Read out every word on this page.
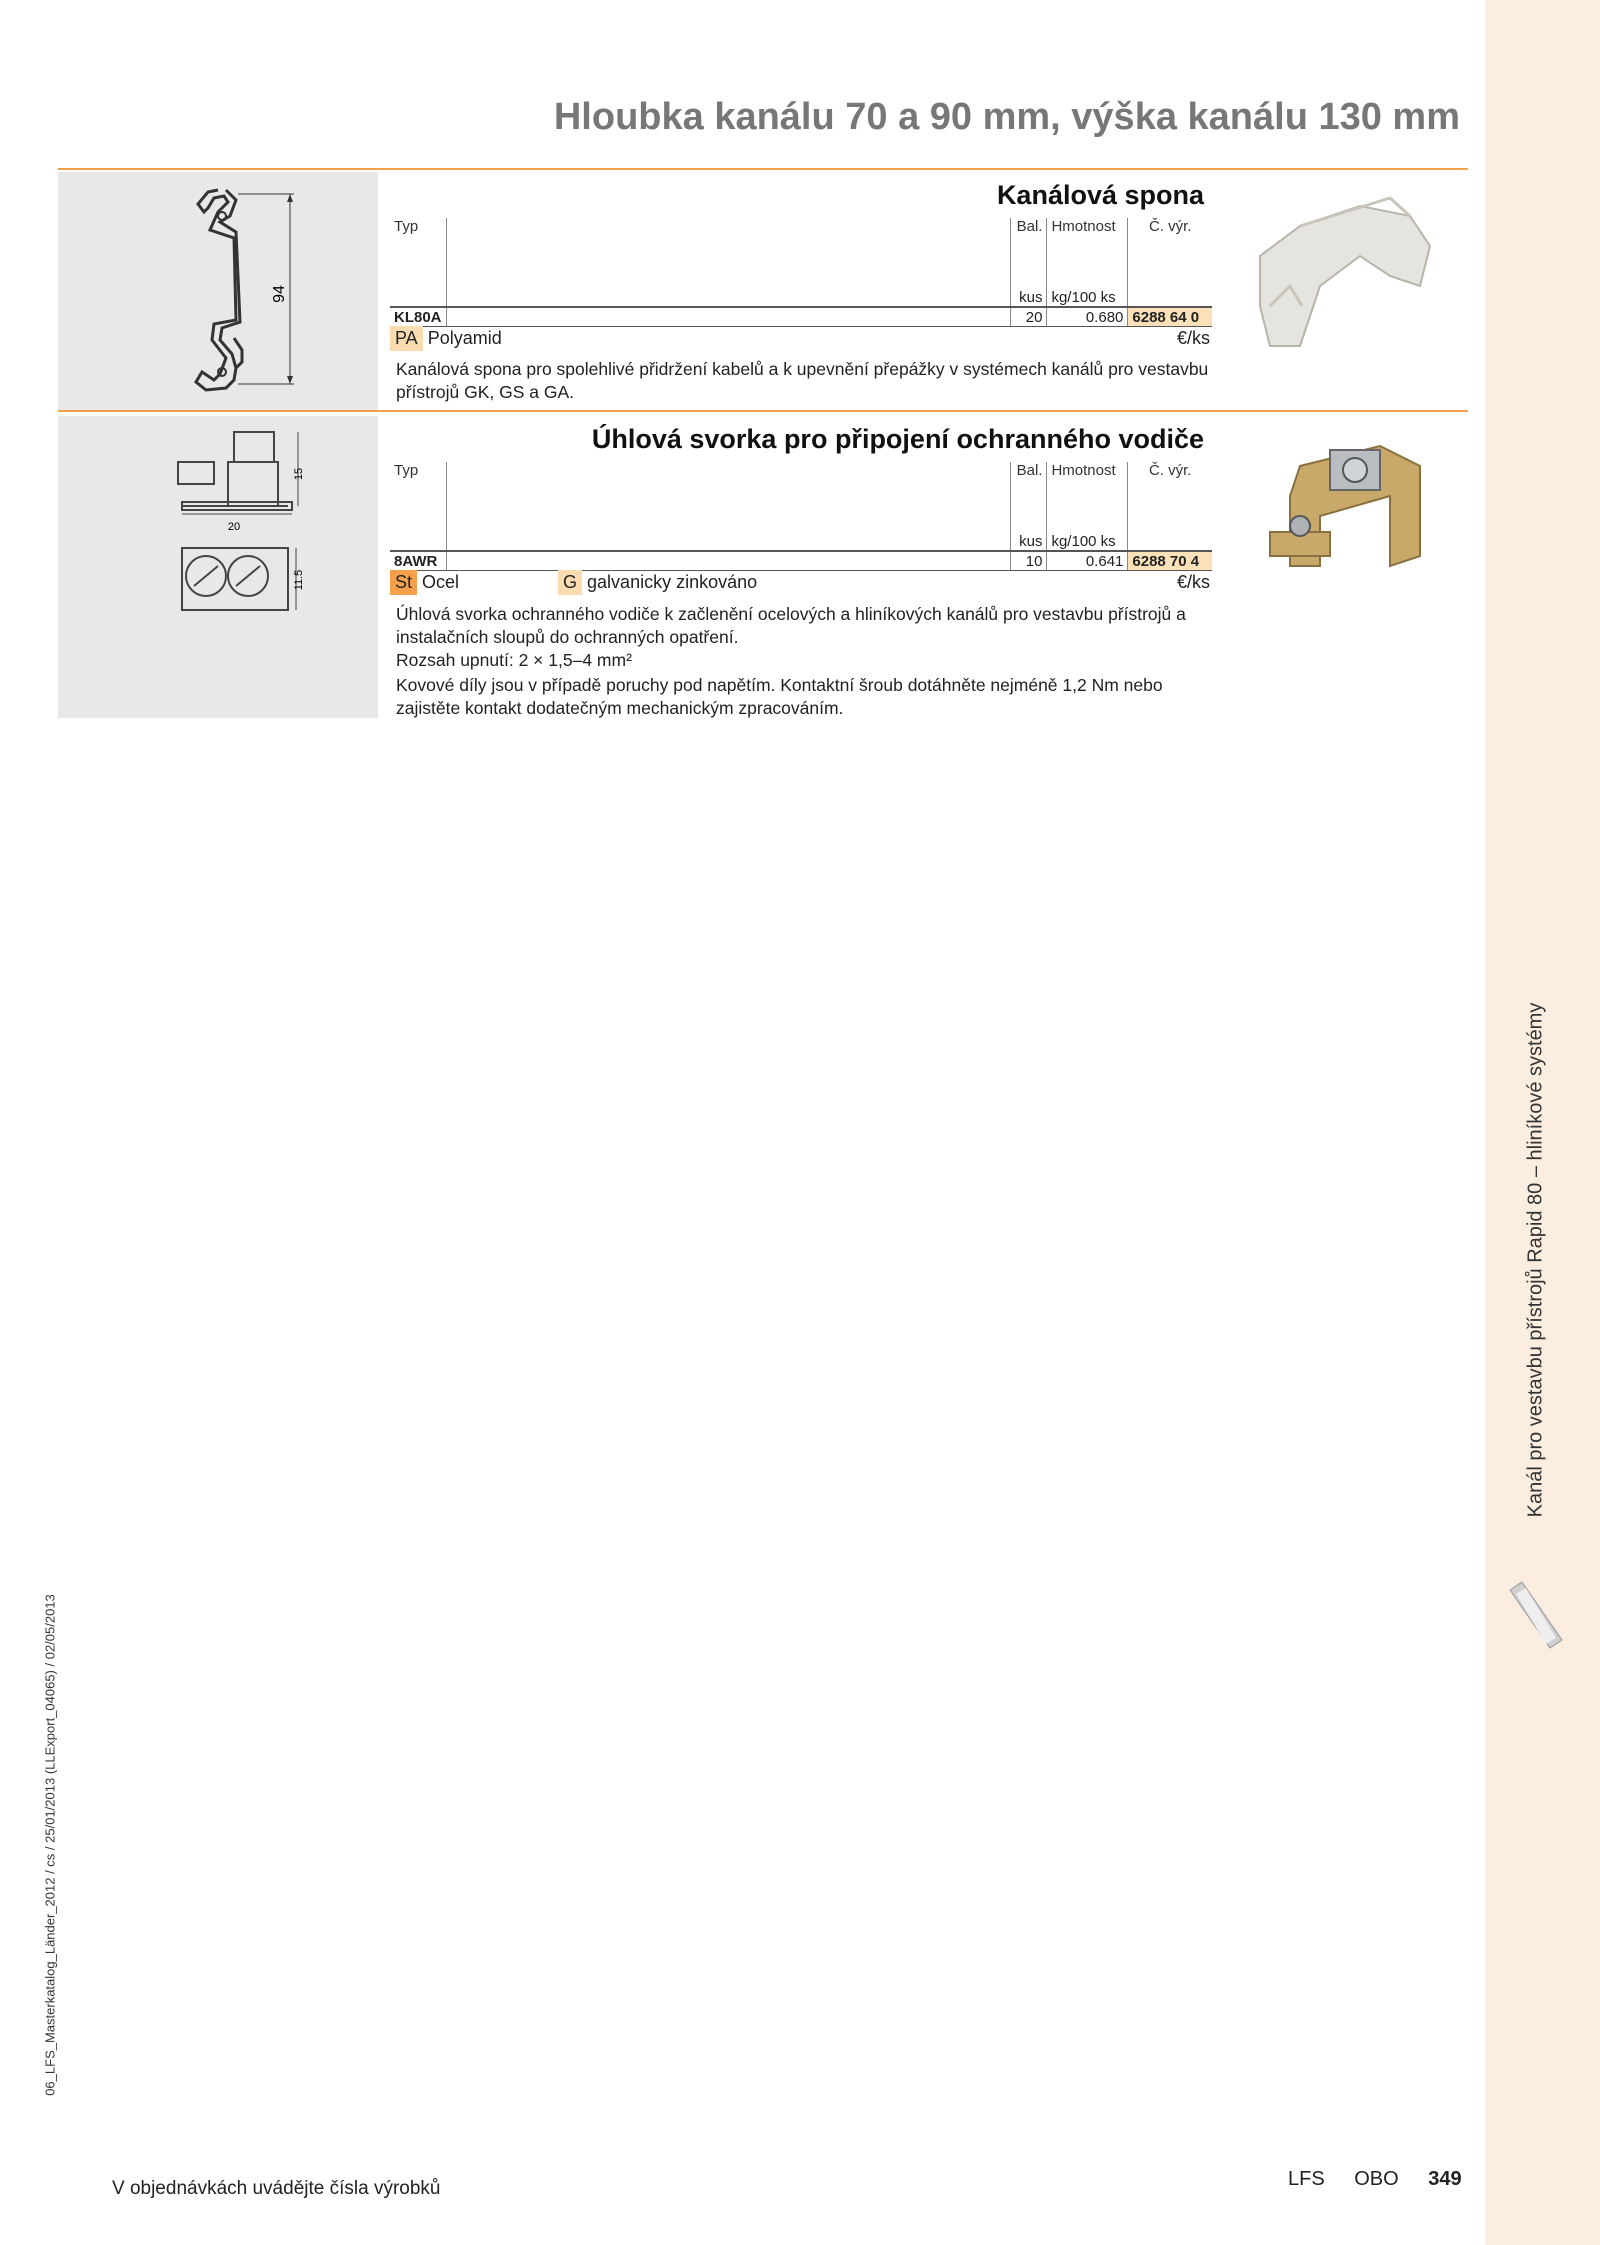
Kanál pro vestavbu přístrojů Rapid 80 – hliníkové systémy
06_LFS_Masterkatalog_Länder_2012 / cs / 25/01/2013 (LLExport_04065) / 02/05/2013
Hloubka kanálu 70 a 90 mm, výška kanálu 130 mm
94
Kanálová spona
Typ		Bal.	Hmotnost	Č. výr.

		kus	kg/100 ks	
KL80A		20	0.680	6288 64 0
PA Polyamid	€/ks
Kanálová spona pro spolehlivé přidržení kabelů a k upevnění přepážky v systémech kanálů pro vestavbu přístrojů GK, GS a GA.
20
15
11.5
Úhlová svorka pro připojení ochranného vodiče
Typ		Bal.	Hmotnost	Č. výr.

		kus	kg/100 ks	
8AWR		10	0.641	6288 70 4
St Ocel	G galvanicky zinkováno	€/ks
Úhlová svorka ochranného vodiče k začlenění ocelových a hliníkových kanálů pro vestavbu přístrojů a instalačních sloupů do ochranných opatření.
Rozsah upnutí: 2 × 1,5–4 mm²
Kovové díly jsou v případě poruchy pod napětím. Kontaktní šroub dotáhněte nejméně 1,2 Nm nebo zajistěte kontakt dodatečným mechanickým zpracováním.
V objednávkách uvádějte čísla výrobků	LFS OBO 349
